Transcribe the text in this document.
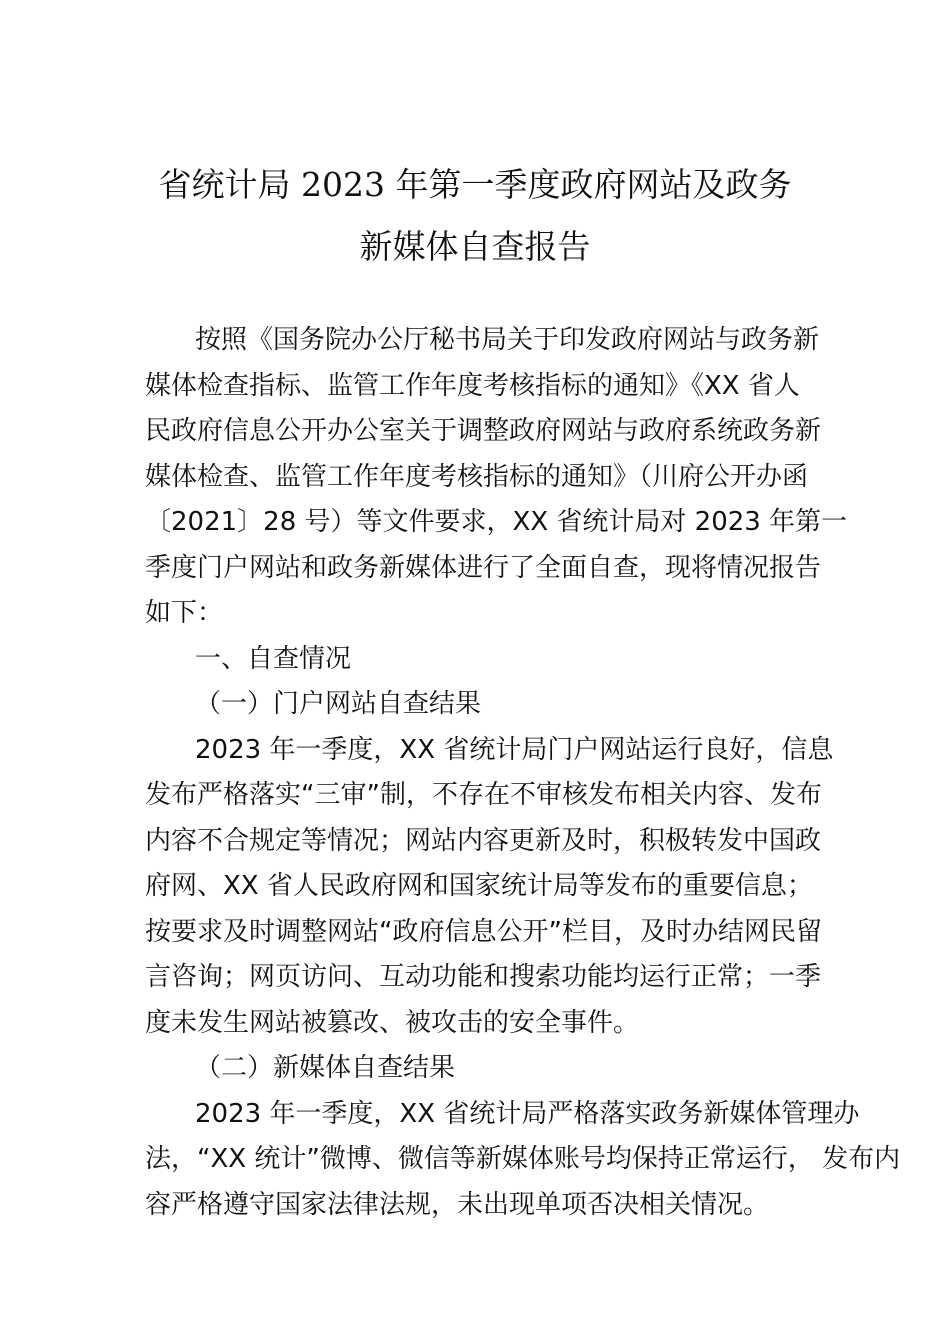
省统计局 2023 年第一季度政府网站及政务
新媒体自查报告
按照《国务院办公厅秘书局关于印发政府网站与政务新
媒体检查指标、监管工作年度考核指标的通知》《XX 省人
民政府信息公开办公室关于调整政府网站与政府系统政务新
媒体检查、监管工作年度考核指标的通知》（川府公开办函
〔2021〕28 号）等文件要求，XX 省统计局对 2023 年第一
季度门户网站和政务新媒体进行了全面自查，现将情况报告
如下：
一、自查情况
（一）门户网站自查结果
2023 年一季度，XX 省统计局门户网站运行良好，信息
发布严格落实“三审”制，不存在不审核发布相关内容、发布
内容不合规定等情况；网站内容更新及时，积极转发中国政
府网、XX 省人民政府网和国家统计局等发布的重要信息；
按要求及时调整网站“政府信息公开”栏目，及时办结网民留
言咨询；网页访问、互动功能和搜索功能均运行正常；一季
度未发生网站被篡改、被攻击的安全事件。
（二）新媒体自查结果
2023 年一季度，XX 省统计局严格落实政务新媒体管理办
法，“XX 统计”微博、微信等新媒体账号均保持正常运行， 发布内
容严格遵守国家法律法规，未出现单项否决相关情况。
